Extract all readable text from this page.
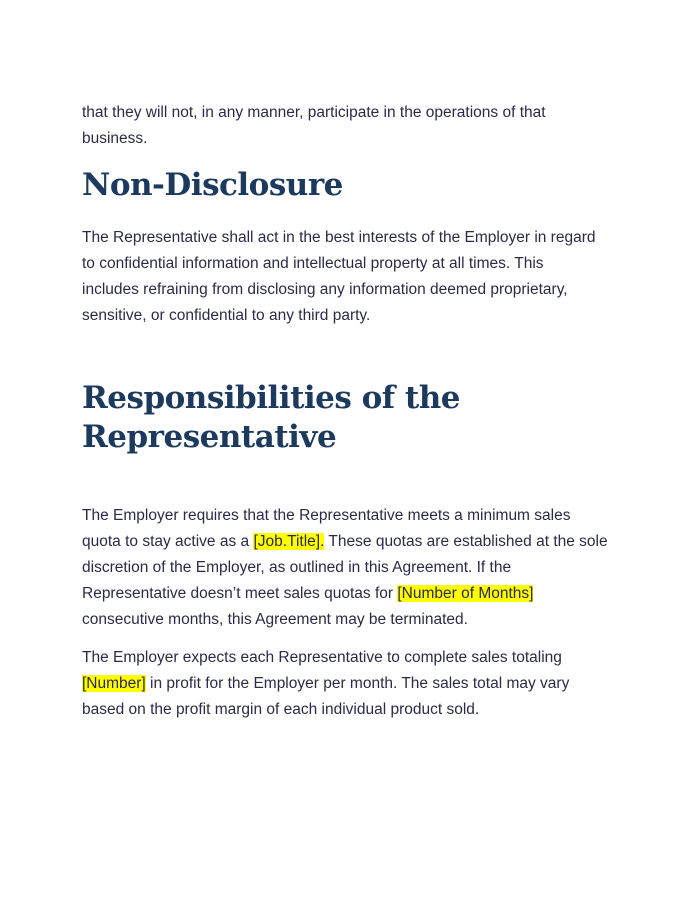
that they will not, in any manner, participate in the operations of that
business.
Non-Disclosure
The Representative shall act in the best interests of the Employer in regard
to confidential information and intellectual property at all times. This
includes refraining from disclosing any information deemed proprietary,
sensitive, or confidential to any third party.
Responsibilities of the
Representative
The Employer requires that the Representative meets a minimum sales
quota to stay active as a [Job.Title]. These quotas are established at the sole
discretion of the Employer, as outlined in this Agreement. If the
Representative doesn’t meet sales quotas for [Number of Months]
consecutive months, this Agreement may be terminated.
The Employer expects each Representative to complete sales totaling
[Number] in profit for the Employer per month. The sales total may vary
based on the profit margin of each individual product sold.
